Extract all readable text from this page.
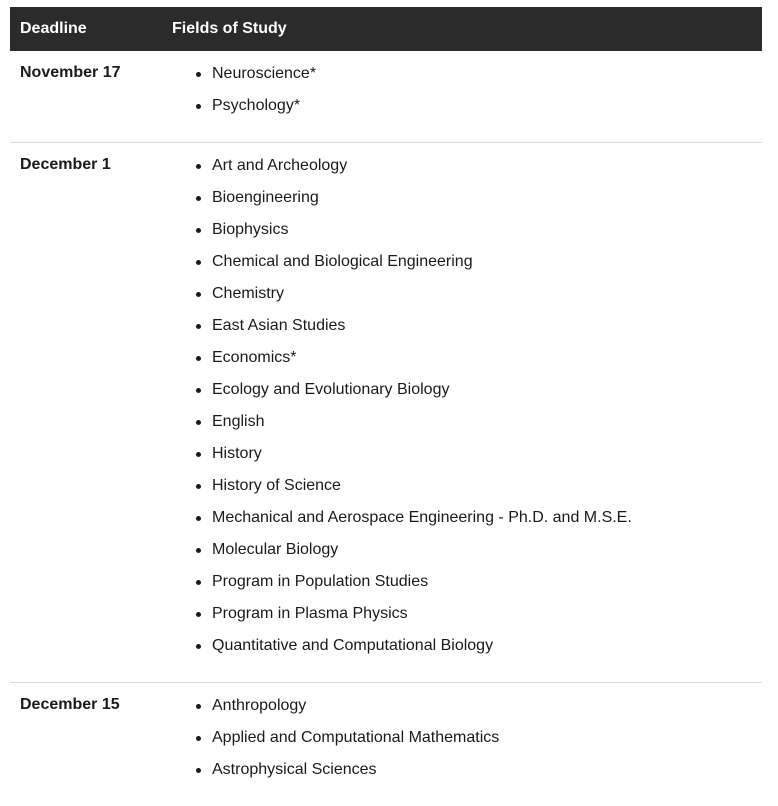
Deadline	Fields of Study
November 17	Neuroscience*
Psychology*
December 1	Art and Archeology
Bioengineering
Biophysics
Chemical and Biological Engineering
Chemistry
East Asian Studies
Economics*
Ecology and Evolutionary Biology
English
History
History of Science
Mechanical and Aerospace Engineering - Ph.D. and M.S.E.
Molecular Biology
Program in Population Studies
Program in Plasma Physics
Quantitative and Computational Biology
December 15	Anthropology
Applied and Computational Mathematics
Astrophysical Sciences
